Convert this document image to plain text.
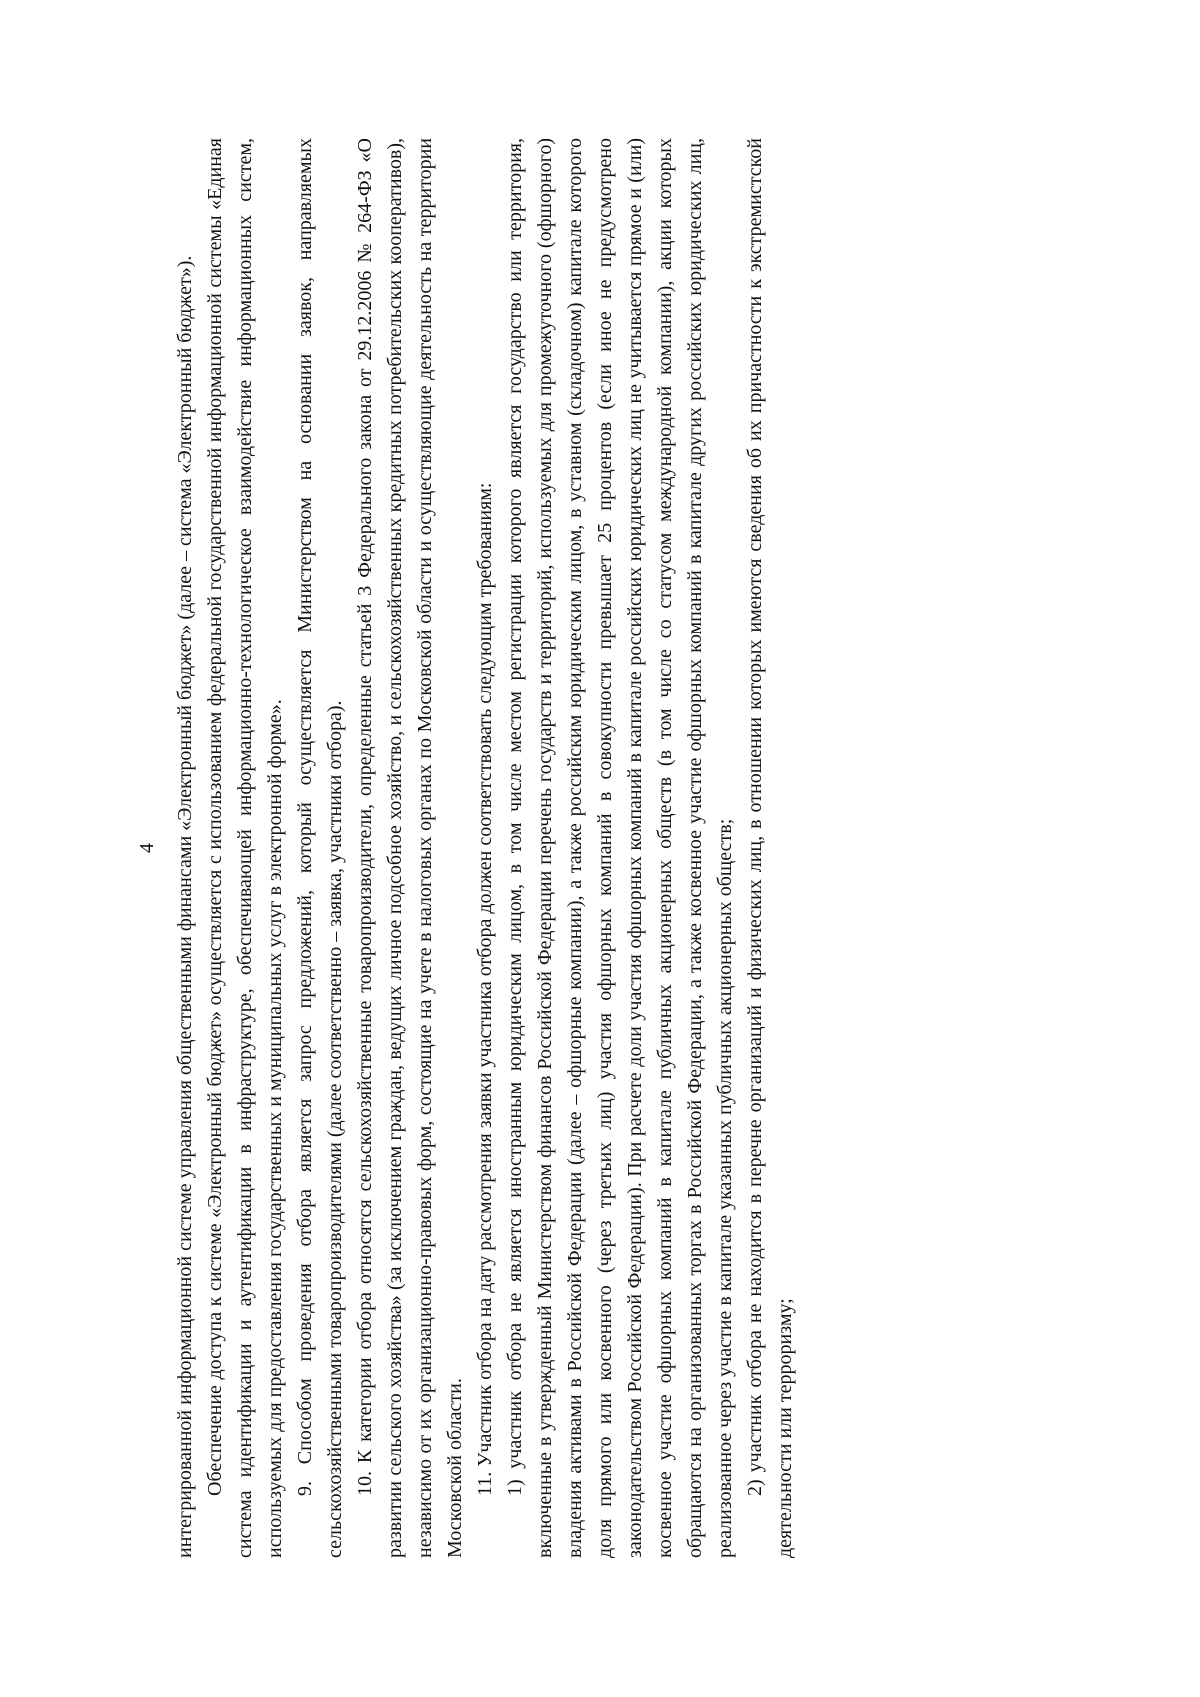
4 интегрированной информационной системе управления общественными финансами «Электронный бюджет» (далее – система «Электронный бюджет»). Обеспечение доступа к системе «Электронный бюджет» осуществляется с использованием федеральной государственной информационной системы «Единая система идентификации и аутентификации в инфраструктуре, обеспечивающей информационно-технологическое взаимодействие информационных систем, используемых для предоставления государственных и муниципальных услуг в электронной форме». 9. Способом проведения отбора является запрос предложений, который осуществляется Министерством на основании заявок, направляемых сельскохозяйственными товаропроизводителями (далее соответственно – заявка, участники отбора). 10. К категории отбора относятся сельскохозяйственные товаропроизводители, определенные статьей 3 Федерального закона от 29.12.2006 № 264-ФЗ «О развитии сельского хозяйства» (за исключением граждан, ведущих личное подсобное хозяйство, и сельскохозяйственных кредитных потребительских кооперативов), независимо от их организационно-правовых форм, состоящие на учете в налоговых органах по Московской области и осуществляющие деятельность на территории Московской области. 11. Участник отбора на дату рассмотрения заявки участника отбора должен соответствовать следующим требованиям: 1) участник отбора не является иностранным юридическим лицом, в том числе местом регистрации которого является государство или территория, включенные в утвержденный Министерством финансов Российской Федерации перечень государств и территорий, используемых для промежуточного (офшорного) владения активами в Российской Федерации (далее – офшорные компании), а также российским юридическим лицом, в уставном (складочном) капитале которого доля прямого или косвенного (через третьих лиц) участия офшорных компаний в совокупности превышает 25 процентов (если иное не предусмотрено законодательством Российской Федерации). При расчете доли участия офшорных компаний в капитале российских юридических лиц не учитывается прямое и (или) косвенное участие офшорных компаний в капитале публичных акционерных обществ (в том числе со статусом международной компании), акции которых обращаются на организованных торгах в Российской Федерации, а также косвенное участие офшорных компаний в капитале других российских юридических лиц, реализованное через участие в капитале указанных публичных акционерных обществ; 2) участник отбора не находится в перечне организаций и физических лиц, в отношении которых имеются сведения об их причастности к экстремистской деятельности или терроризму;
